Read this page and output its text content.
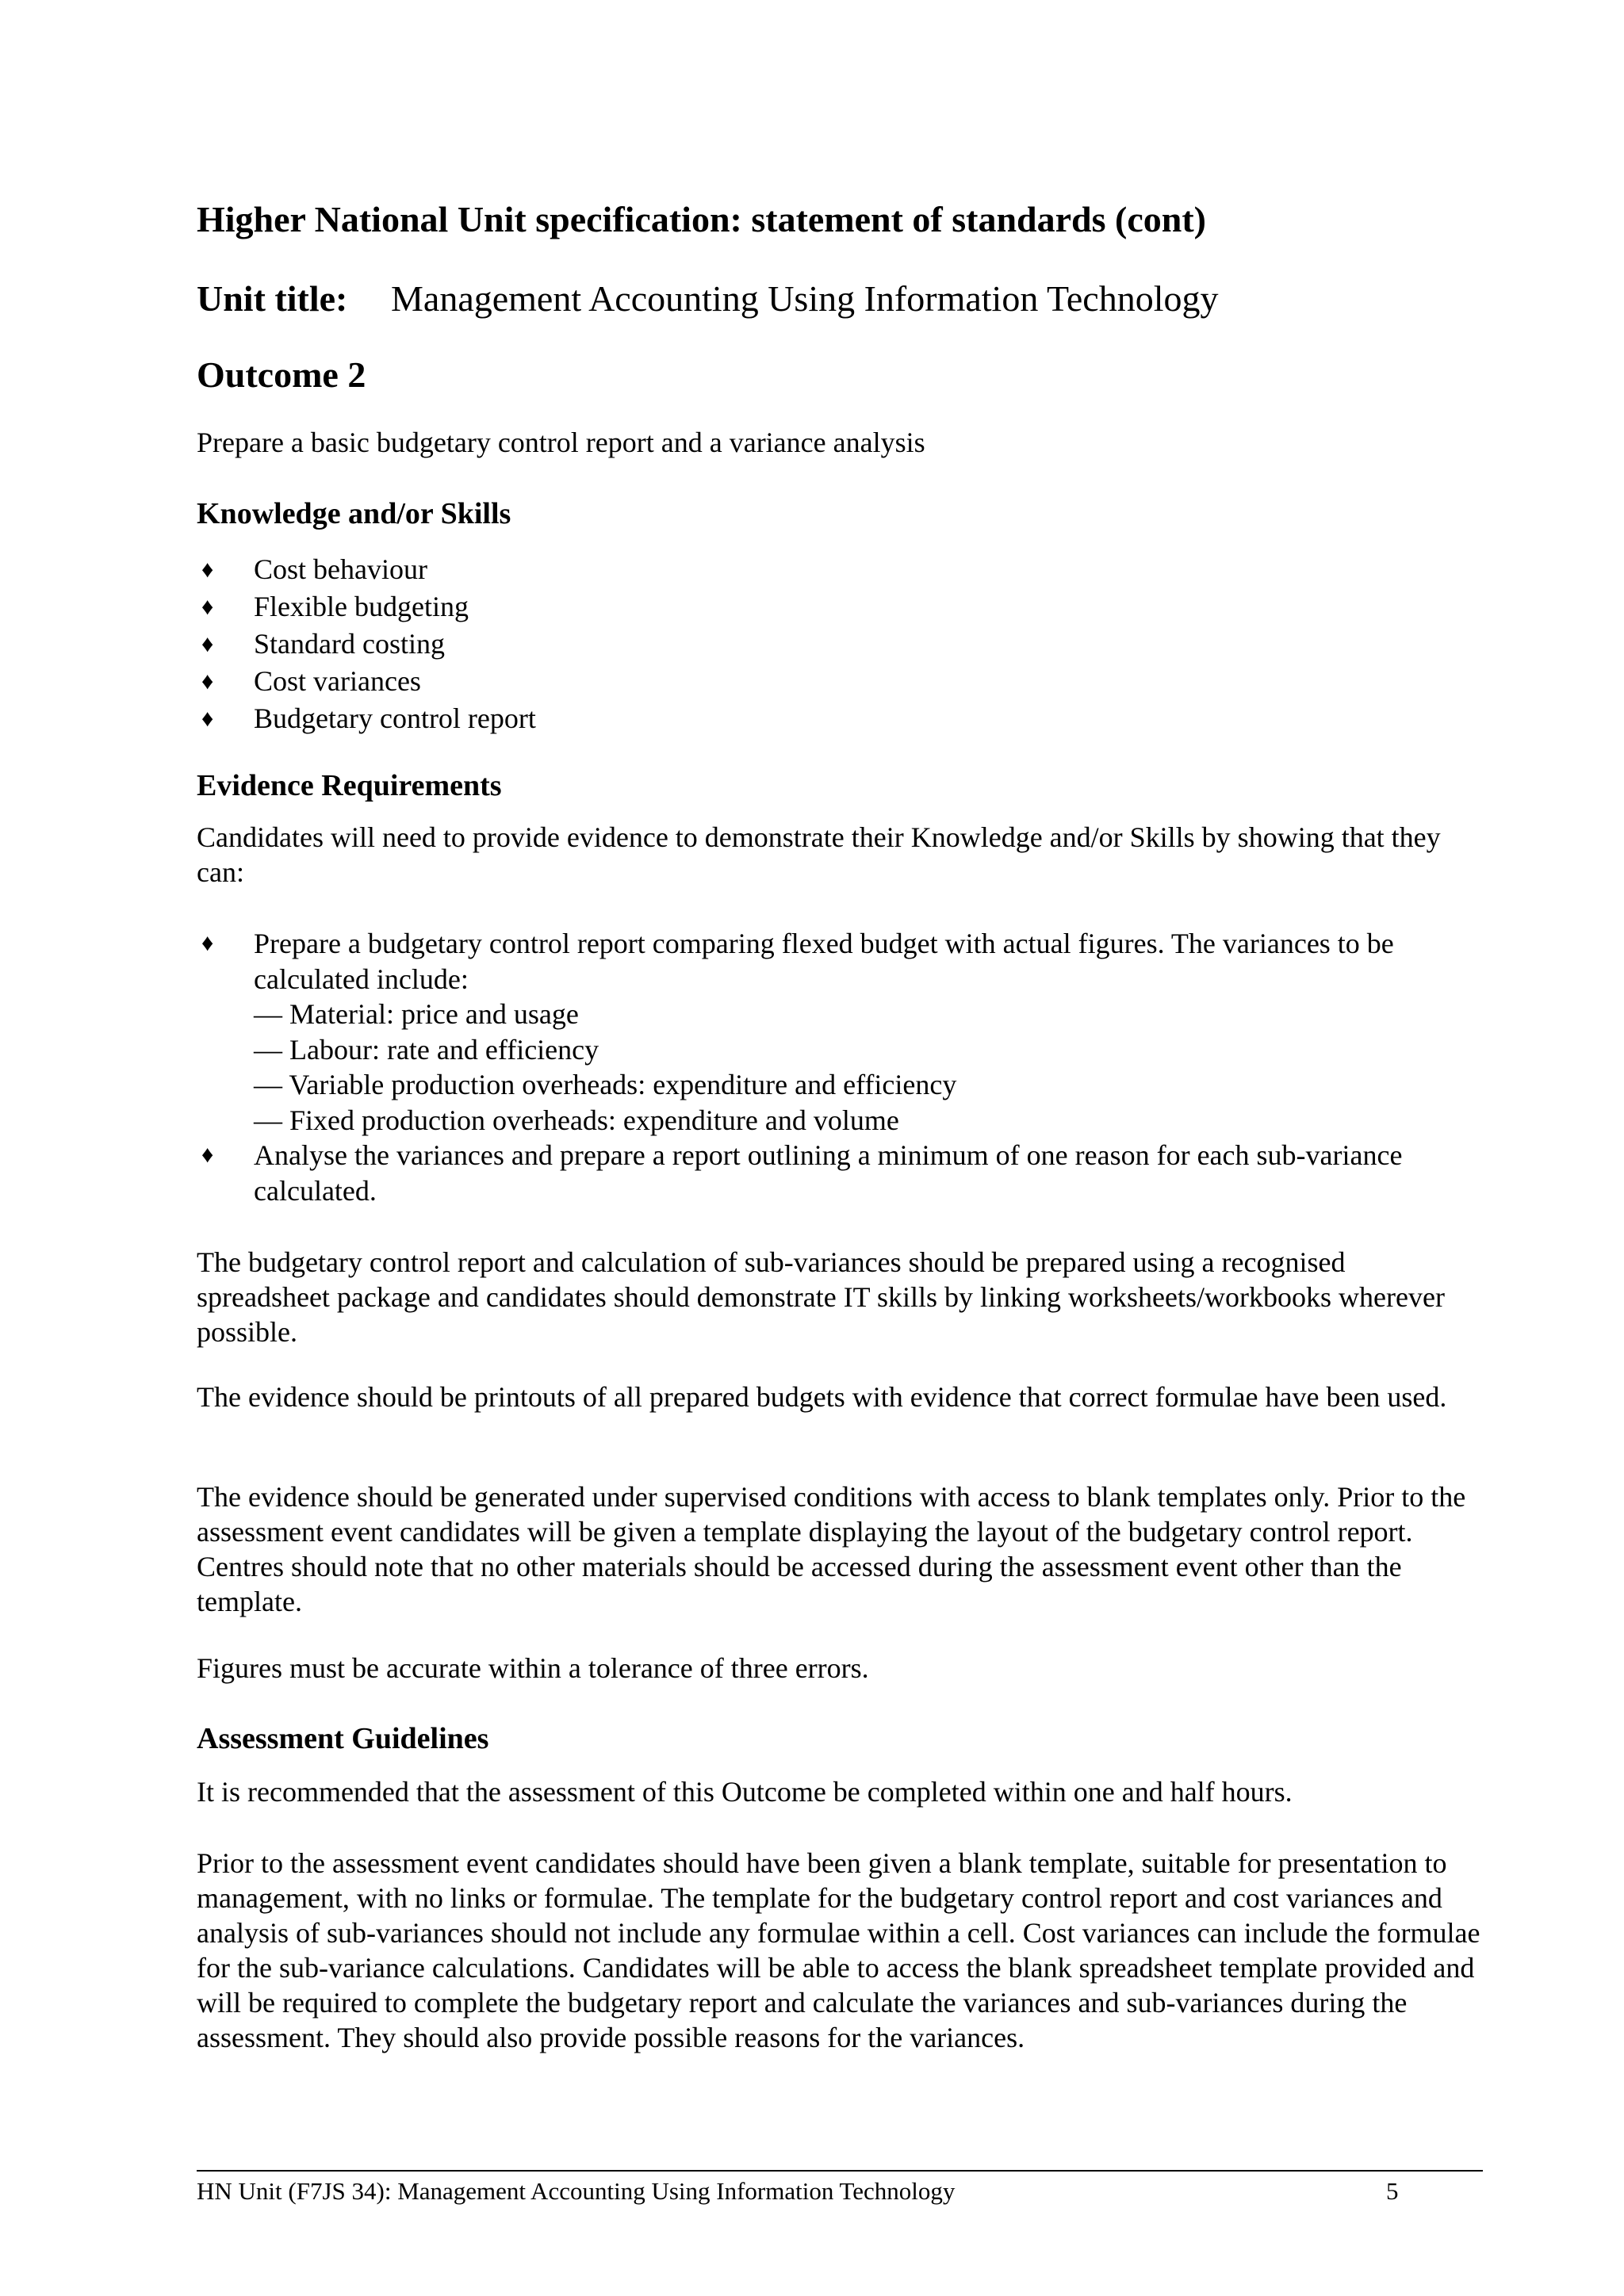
Higher National Unit specification: statement of standards (cont)
Unit title: Management Accounting Using Information Technology
Outcome 2

Prepare a basic budgetary control report and a variance analysis

Knowledge and/or Skills
♦ Cost behaviour
♦ Flexible budgeting
♦ Standard costing
♦ Cost variances
♦ Budgetary control report
Evidence Requirements

Candidates will need to provide evidence to demonstrate their Knowledge and/or Skills by showing that they can:

♦ Prepare a budgetary control report comparing flexed budget with actual figures. The variances to be calculated include:
— Material: price and usage
— Labour: rate and efficiency
— Variable production overheads: expenditure and efficiency
— Fixed production overheads: expenditure and volume
♦ Analyse the variances and prepare a report outlining a minimum of one reason for each sub-variance calculated.

The budgetary control report and calculation of sub-variances should be prepared using a recognised spreadsheet package and candidates should demonstrate IT skills by linking worksheets/workbooks wherever possible.

The evidence should be printouts of all prepared budgets with evidence that correct formulae have been used.

The evidence should be generated under supervised conditions with access to blank templates only. Prior to the assessment event candidates will be given a template displaying the layout of the budgetary control report. Centres should note that no other materials should be accessed during the assessment event other than the template.

Figures must be accurate within a tolerance of three errors.

Assessment Guidelines

It is recommended that the assessment of this Outcome be completed within one and half hours.

Prior to the assessment event candidates should have been given a blank template, suitable for presentation to management, with no links or formulae. The template for the budgetary control report and cost variances and analysis of sub-variances should not include any formulae within a cell. Cost variances can include the formulae for the sub-variance calculations. Candidates will be able to access the blank spreadsheet template provided and will be required to complete the budgetary report and calculate the variances and sub-variances during the assessment. They should also provide possible reasons for the variances.

HN Unit (F7JS 34): Management Accounting Using Information Technology	5
